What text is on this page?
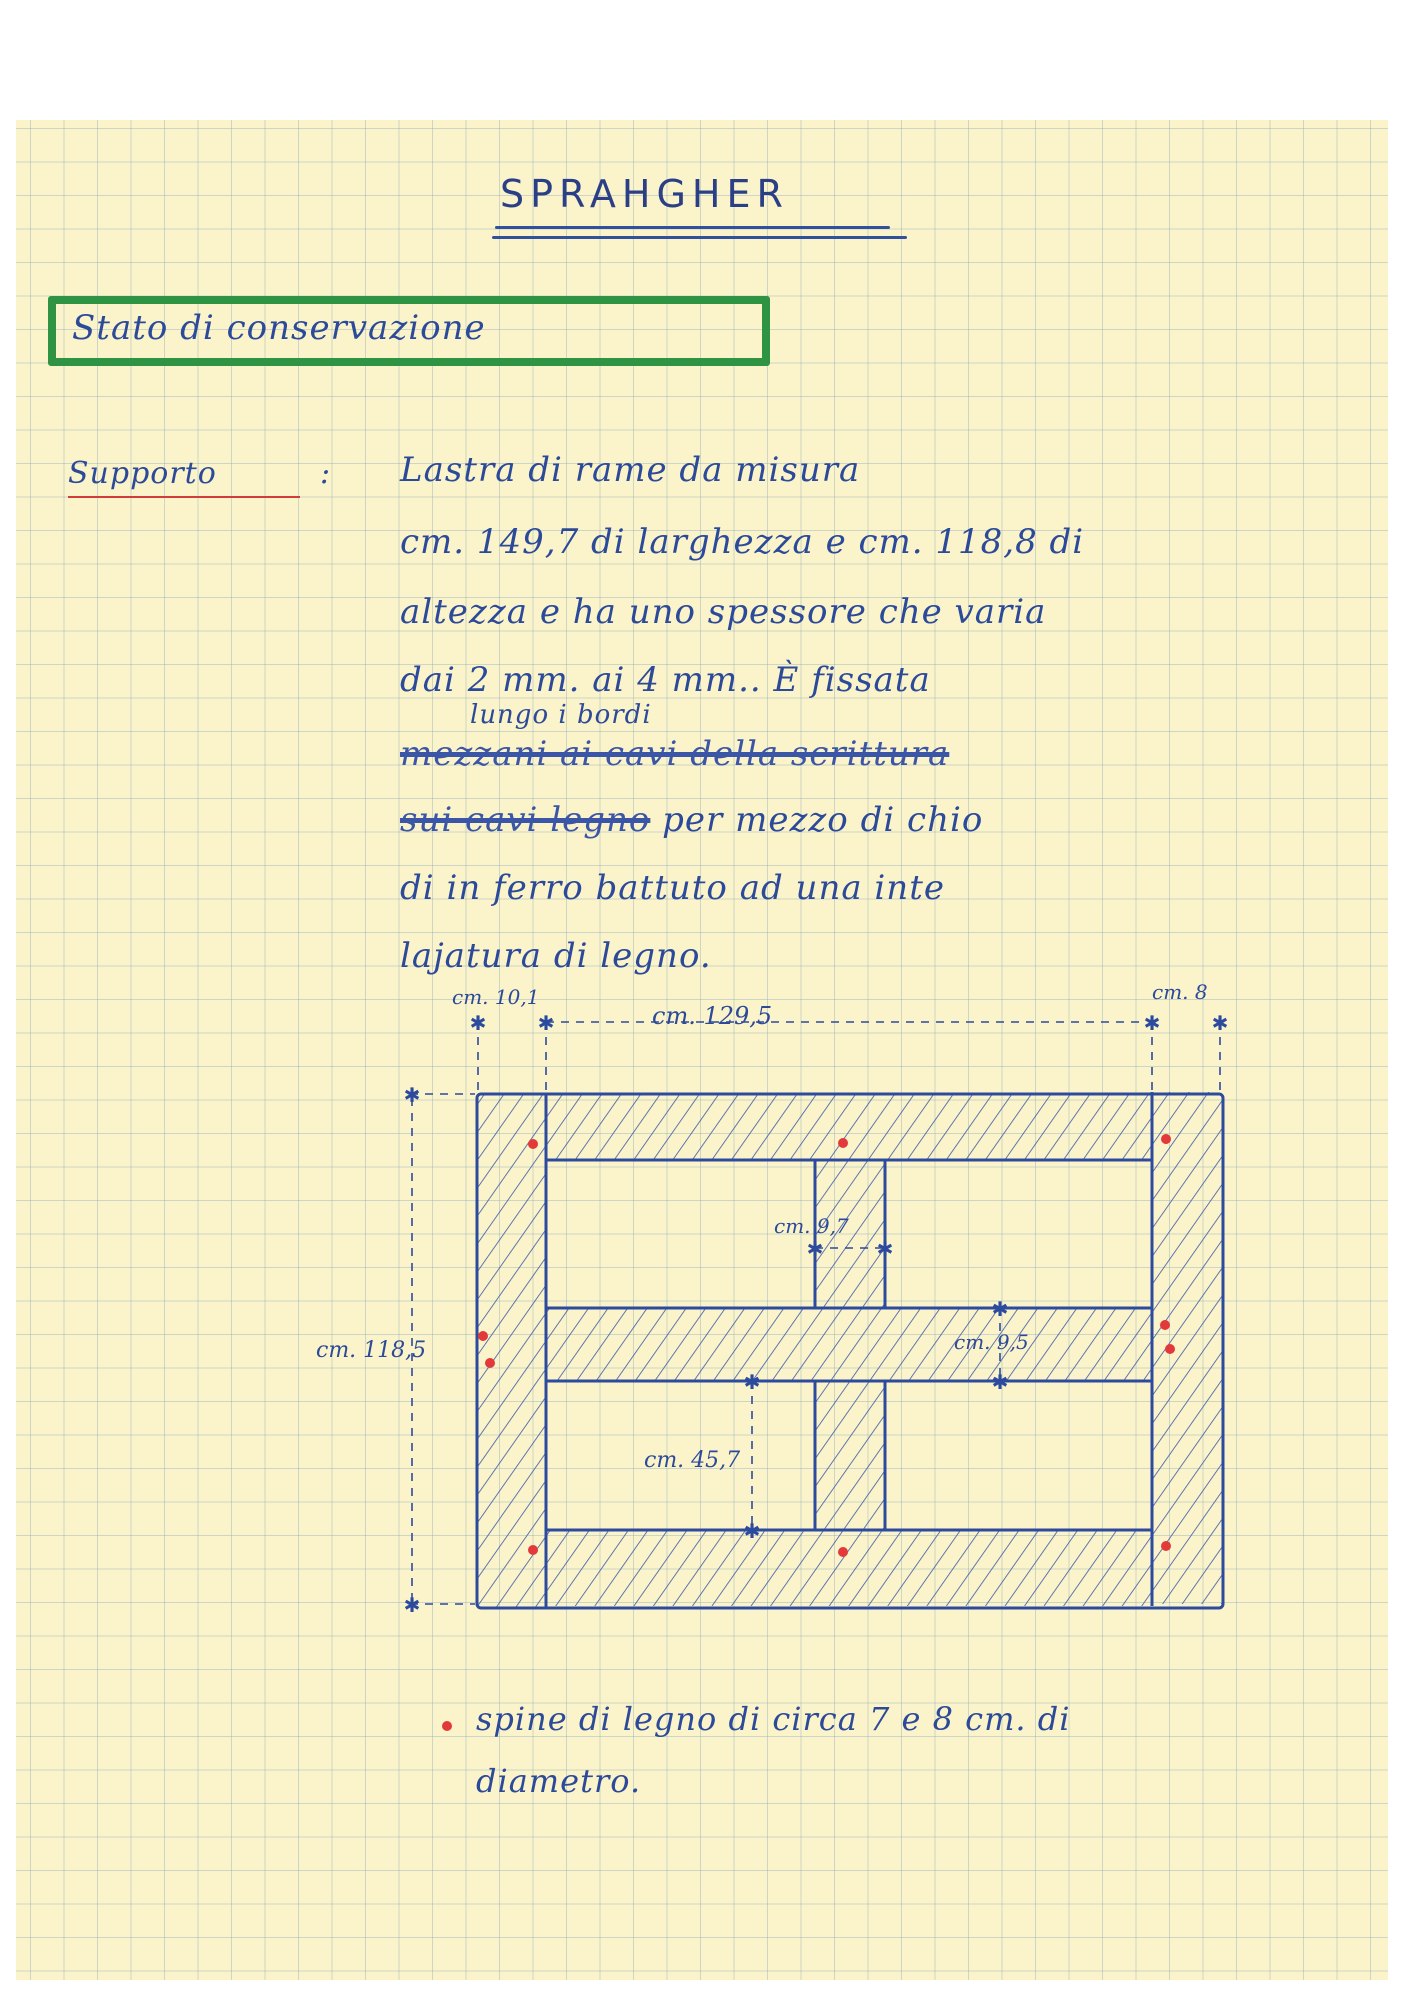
SPRAHGHER
Stato di conservazione
Supporto	: Lastra di rame da misura
cm. 149,7 di larghezza e cm. 118,8 di
altezza e ha uno spessore che varia
dai 2 mm. ai 4 mm.. È fissata
lungo i bordi
mezzani ai cavi della scrittura
sui cavi legno per mezzo di chio
di in ferro battuto ad una inte
lajatura di legno.
✱	✱	✱	✱
✱
✱
✱
✱
✱
✱
✱	✱
cm. 10,1
cm. 129,5
cm. 8
cm. 118,5
cm. 9,7
cm. 9,5
cm. 45,7
spine di legno di circa 7 e 8 cm. di
diametro.
